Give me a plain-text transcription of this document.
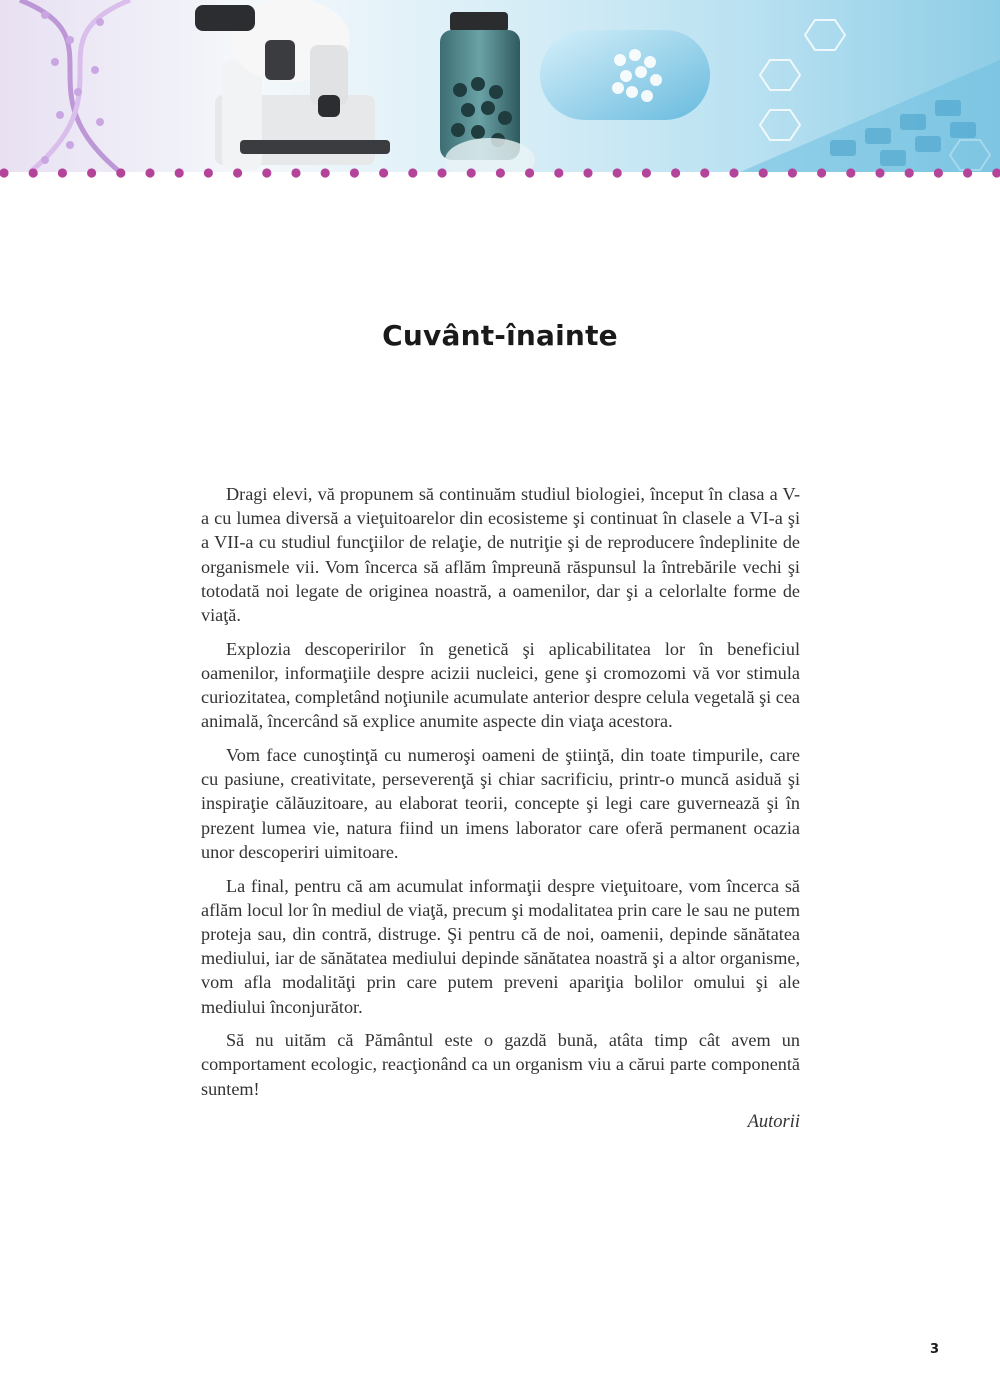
Cuvânt-înainte

Dragi elevi, vă propunem să continuăm studiul biologiei, început în clasa a V-a cu lumea diversă a vieţuitoarelor din ecosisteme şi continuat în clasele a VI-a şi a VII-a cu studiul funcţiilor de relaţie, de nutriţie şi de reproducere îndeplinite de organismele vii. Vom încerca să aflăm împreună răspunsul la întrebările vechi şi totodată noi legate de originea noastră, a oamenilor, dar şi a celorlalte forme de viaţă.

Explozia descoperirilor în genetică şi aplicabilitatea lor în beneficiul oamenilor, informaţiile despre acizii nucleici, gene şi cromozomi vă vor stimula curiozitatea, completând noţiunile acumulate anterior despre celula vegetală şi cea animală, încercând să explice anumite aspecte din viaţa acestora.

Vom face cunoştinţă cu numeroşi oameni de ştiinţă, din toate timpurile, care cu pasiune, creativitate, perseverenţă şi chiar sacrificiu, printr-o muncă asiduă şi inspiraţie călăuzitoare, au elaborat teorii, concepte şi legi care guvernează şi în prezent lumea vie, natura fiind un imens laborator care oferă permanent ocazia unor descoperiri uimitoare.

La final, pentru că am acumulat informaţii despre vieţuitoare, vom încerca să aflăm locul lor în mediul de viaţă, precum şi modalitatea prin care le sau ne putem proteja sau, din contră, distruge. Şi pentru că de noi, oamenii, depinde sănătatea mediului, iar de sănătatea mediului depinde sănătatea noastră şi a altor organisme, vom afla modalităţi prin care putem preveni apariţia bolilor omului şi ale mediului înconjurător.

Să nu uităm că Pământul este o gazdă bună, atâta timp cât avem un comportament ecologic, reacţionând ca un organism viu a cărui parte componentă suntem!

Autorii
3
